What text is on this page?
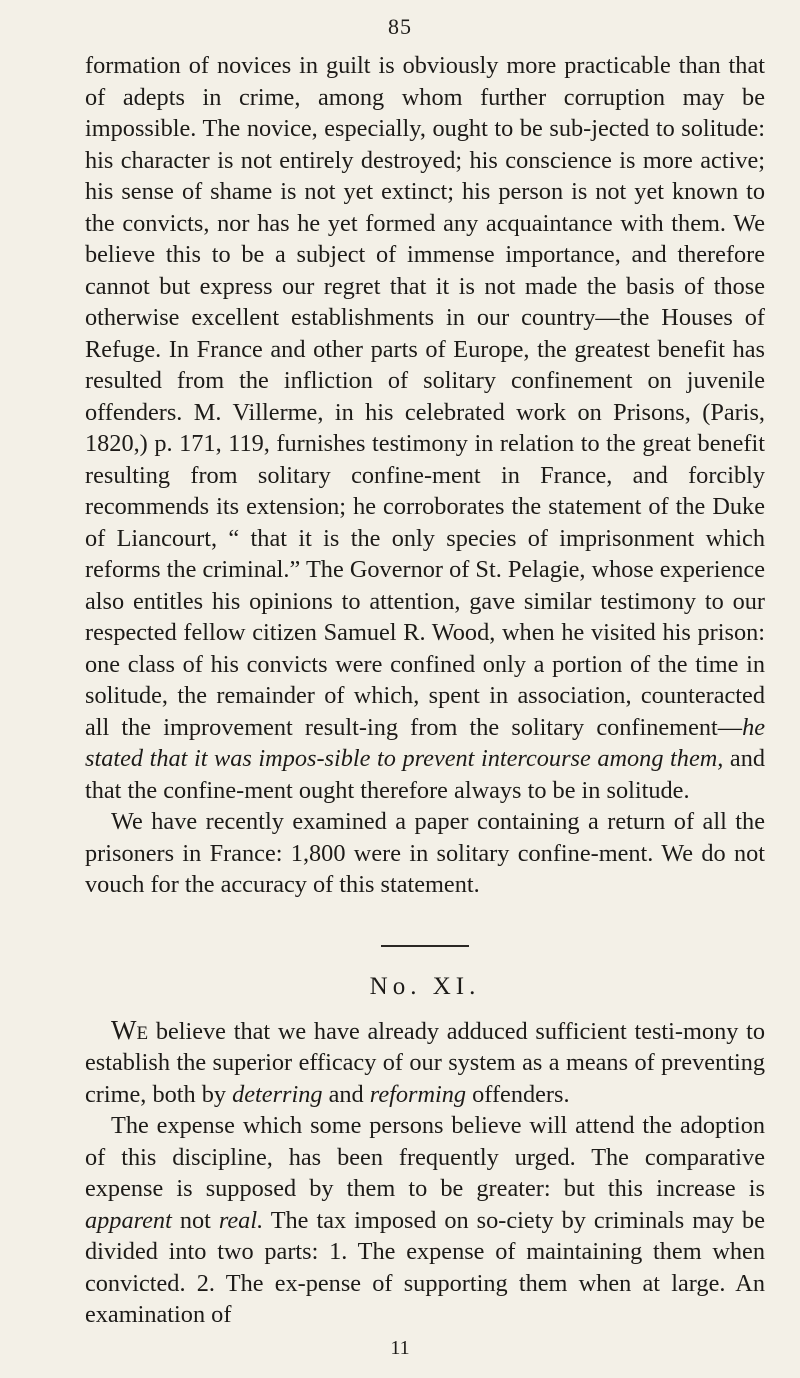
85

formation of novices in guilt is obviously more practicable than that of adepts in crime, among whom further corruption may be impossible. The novice, especially, ought to be sub-jected to solitude: his character is not entirely destroyed; his conscience is more active; his sense of shame is not yet extinct; his person is not yet known to the convicts, nor has he yet formed any acquaintance with them. We believe this to be a subject of immense importance, and therefore cannot but express our regret that it is not made the basis of those otherwise excellent establishments in our country—the Houses of Refuge. In France and other parts of Europe, the greatest benefit has resulted from the infliction of solitary confinement on juvenile offenders. M. Villerme, in his celebrated work on Prisons, (Paris, 1820,) p. 171, 119, furnishes testimony in relation to the great benefit resulting from solitary confine-ment in France, and forcibly recommends its extension; he corroborates the statement of the Duke of Liancourt, “ that it is the only species of imprisonment which reforms the criminal.” The Governor of St. Pelagie, whose experience also entitles his opinions to attention, gave similar testimony to our respected fellow citizen Samuel R. Wood, when he visited his prison: one class of his convicts were confined only a portion of the time in solitude, the remainder of which, spent in association, counteracted all the improvement result-ing from the solitary confinement—he stated that it was impos-sible to prevent intercourse among them, and that the confine-ment ought therefore always to be in solitude.

We have recently examined a paper containing a return of all the prisoners in France: 1,800 were in solitary confine-ment. We do not vouch for the accuracy of this statement.

No. XI.

We believe that we have already adduced sufficient testi-mony to establish the superior efficacy of our system as a means of preventing crime, both by deterring and reforming offenders.

The expense which some persons believe will attend the adoption of this discipline, has been frequently urged. The comparative expense is supposed by them to be greater: but this increase is apparent not real. The tax imposed on so-ciety by criminals may be divided into two parts: 1. The expense of maintaining them when convicted. 2. The ex-pense of supporting them when at large. An examination of

11
